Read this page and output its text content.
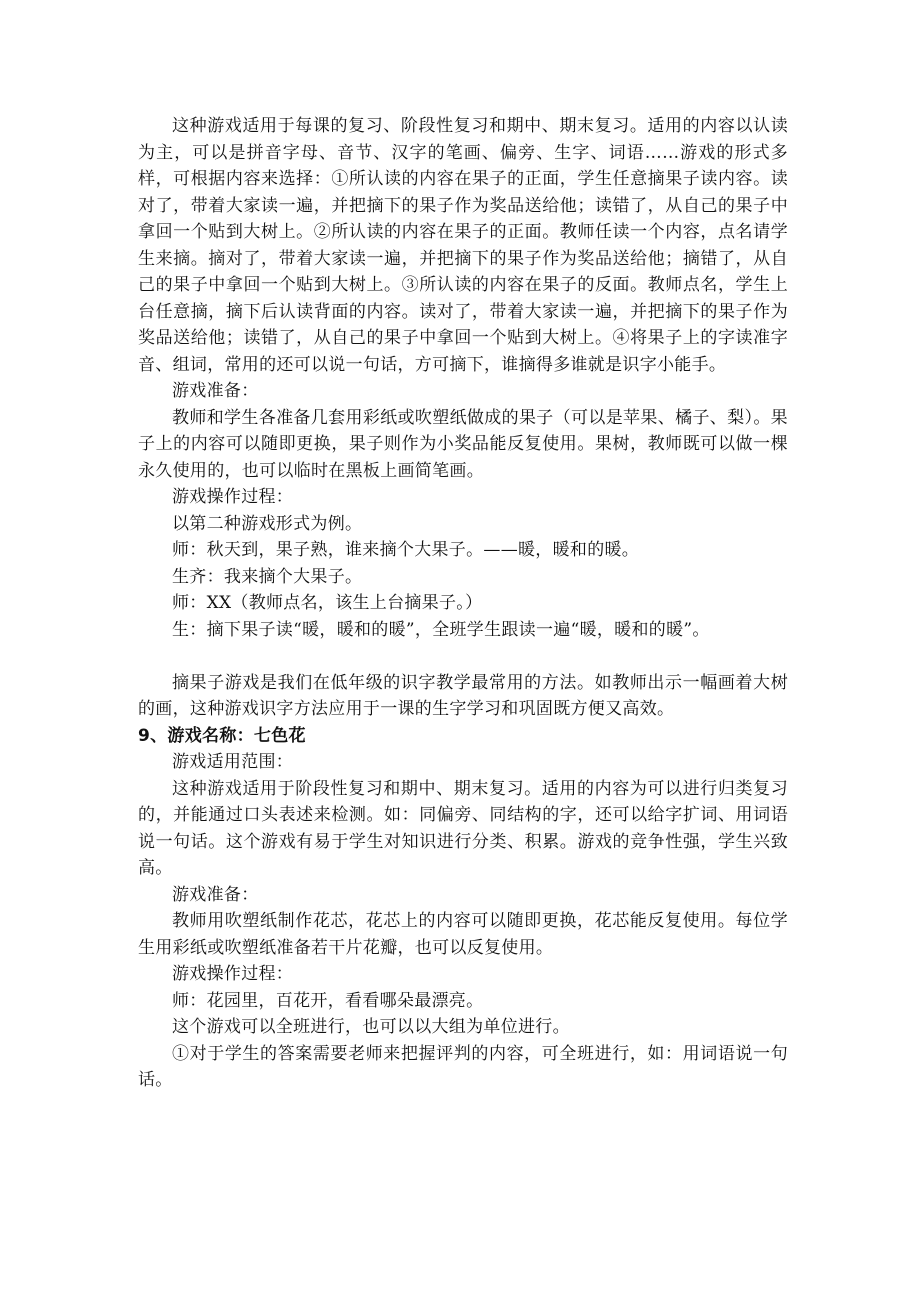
这种游戏适用于每课的复习、阶段性复习和期中、期末复习。适用的内容以认读为主，可以是拼音字母、音节、汉字的笔画、偏旁、生字、词语……游戏的形式多样，可根据内容来选择：①所认读的内容在果子的正面，学生任意摘果子读内容。读对了，带着大家读一遍，并把摘下的果子作为奖品送给他；读错了，从自己的果子中拿回一个贴到大树上。②所认读的内容在果子的正面。教师任读一个内容，点名请学生来摘。摘对了，带着大家读一遍，并把摘下的果子作为奖品送给他；摘错了，从自己的果子中拿回一个贴到大树上。③所认读的内容在果子的反面。教师点名，学生上台任意摘，摘下后认读背面的内容。读对了，带着大家读一遍，并把摘下的果子作为奖品送给他；读错了，从自己的果子中拿回一个贴到大树上。④将果子上的字读准字音、组词，常用的还可以说一句话，方可摘下，谁摘得多谁就是识字小能手。

游戏准备：

教师和学生各准备几套用彩纸或吹塑纸做成的果子（可以是苹果、橘子、梨）。果子上的内容可以随即更换，果子则作为小奖品能反复使用。果树，教师既可以做一棵永久使用的，也可以临时在黑板上画简笔画。

游戏操作过程：

以第二种游戏形式为例。

师：秋天到，果子熟，谁来摘个大果子。——暖，暖和的暖。

生齐：我来摘个大果子。

师：XX（教师点名，该生上台摘果子。）

生：摘下果子读“暖，暖和的暖”，全班学生跟读一遍“暖，暖和的暖”。

摘果子游戏是我们在低年级的识字教学最常用的方法。如教师出示一幅画着大树的画，这种游戏识字方法应用于一课的生字学习和巩固既方便又高效。

9、游戏名称：七色花

游戏适用范围：

这种游戏适用于阶段性复习和期中、期末复习。适用的内容为可以进行归类复习的，并能通过口头表述来检测。如：同偏旁、同结构的字，还可以给字扩词、用词语说一句话。这个游戏有易于学生对知识进行分类、积累。游戏的竞争性强，学生兴致高。

游戏准备：

教师用吹塑纸制作花芯，花芯上的内容可以随即更换，花芯能反复使用。每位学生用彩纸或吹塑纸准备若干片花瓣，也可以反复使用。

游戏操作过程：

师：花园里，百花开，看看哪朵最漂亮。

这个游戏可以全班进行，也可以以大组为单位进行。

①对于学生的答案需要老师来把握评判的内容，可全班进行，如：用词语说一句话。
